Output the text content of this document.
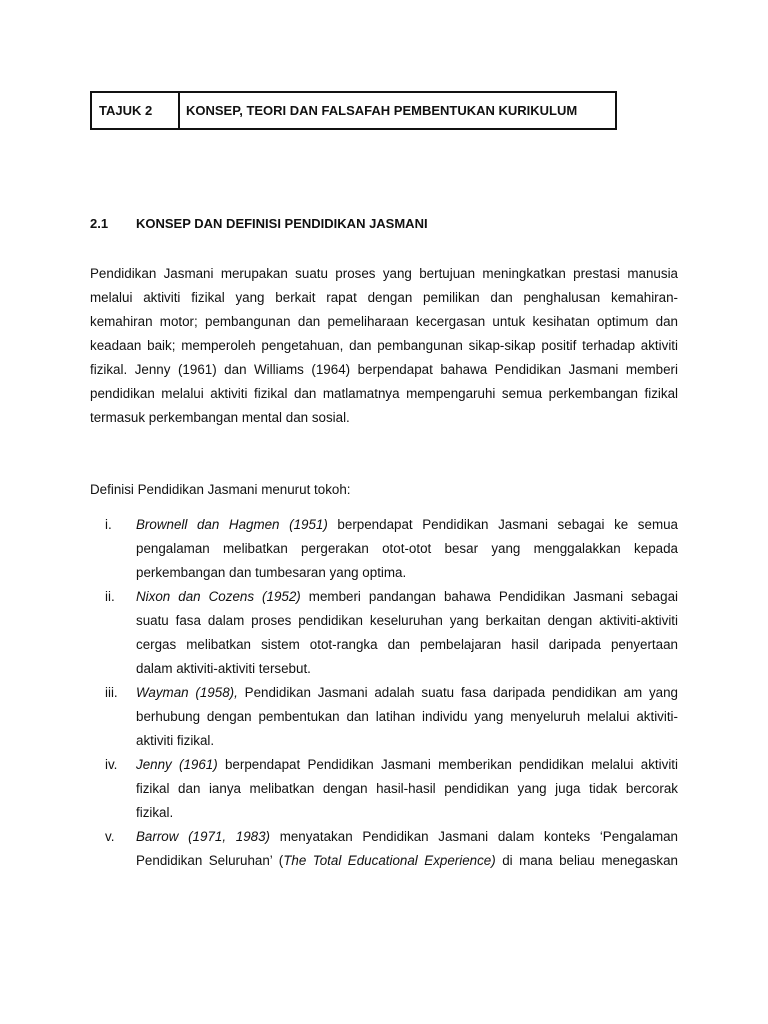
TAJUK 2	KONSEP, TEORI DAN FALSAFAH PEMBENTUKAN KURIKULUM
2.1 KONSEP DAN DEFINISI PENDIDIKAN JASMANI
Pendidikan Jasmani merupakan suatu proses yang bertujuan meningkatkan prestasi manusia
melalui aktiviti fizikal yang berkait rapat dengan pemilikan dan penghalusan kemahiran-
kemahiran motor; pembangunan dan pemeliharaan kecergasan untuk kesihatan optimum dan
keadaan baik; memperoleh pengetahuan, dan pembangunan sikap-sikap positif terhadap aktiviti
fizikal. Jenny (1961) dan Williams (1964) berpendapat bahawa Pendidikan Jasmani memberi
pendidikan melalui aktiviti fizikal dan matlamatnya mempengaruhi semua perkembangan fizikal
termasuk perkembangan mental dan sosial.
Definisi Pendidikan Jasmani menurut tokoh:
i. Brownell dan Hagmen (1951) berpendapat Pendidikan Jasmani sebagai ke semua
pengalaman melibatkan pergerakan otot-otot besar yang menggalakkan kepada
perkembangan dan tumbesaran yang optima.
ii. Nixon dan Cozens (1952) memberi pandangan bahawa Pendidikan Jasmani sebagai
suatu fasa dalam proses pendidikan keseluruhan yang berkaitan dengan aktiviti-aktiviti
cergas melibatkan sistem otot-rangka dan pembelajaran hasil daripada penyertaan
dalam aktiviti-aktiviti tersebut.
iii. Wayman (1958), Pendidikan Jasmani adalah suatu fasa daripada pendidikan am yang
berhubung dengan pembentukan dan latihan individu yang menyeluruh melalui aktiviti-
aktiviti fizikal.
iv. Jenny (1961) berpendapat Pendidikan Jasmani memberikan pendidikan melalui aktiviti
fizikal dan ianya melibatkan dengan hasil-hasil pendidikan yang juga tidak bercorak
fizikal.
v. Barrow (1971, 1983) menyatakan Pendidikan Jasmani dalam konteks ‘Pengalaman
Pendidikan Seluruhan’ (The Total Educational Experience) di mana beliau menegaskan
